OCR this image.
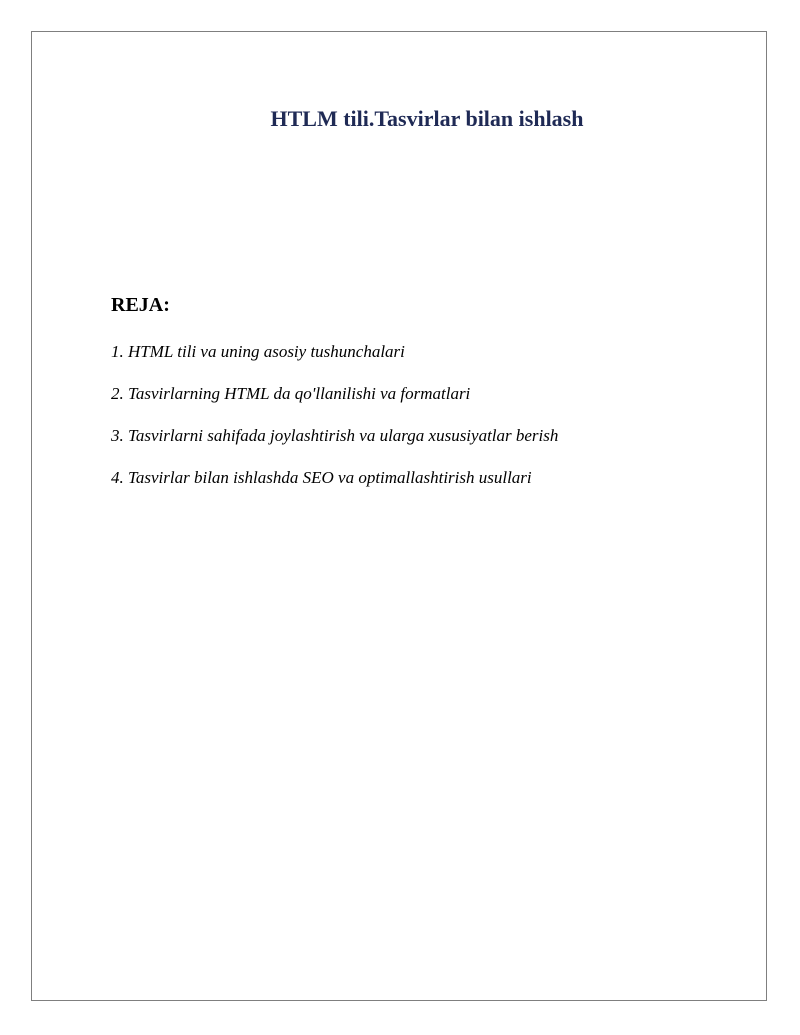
HTLM tili.Tasvirlar bilan ishlash
REJA:
1. HTML tili va uning asosiy tushunchalari
2. Tasvirlarning HTML da qo'llanilishi va formatlari
3. Tasvirlarni sahifada joylashtirish va ularga xususiyatlar berish
4. Tasvirlar bilan ishlashda SEO va optimallashtirish usullari
